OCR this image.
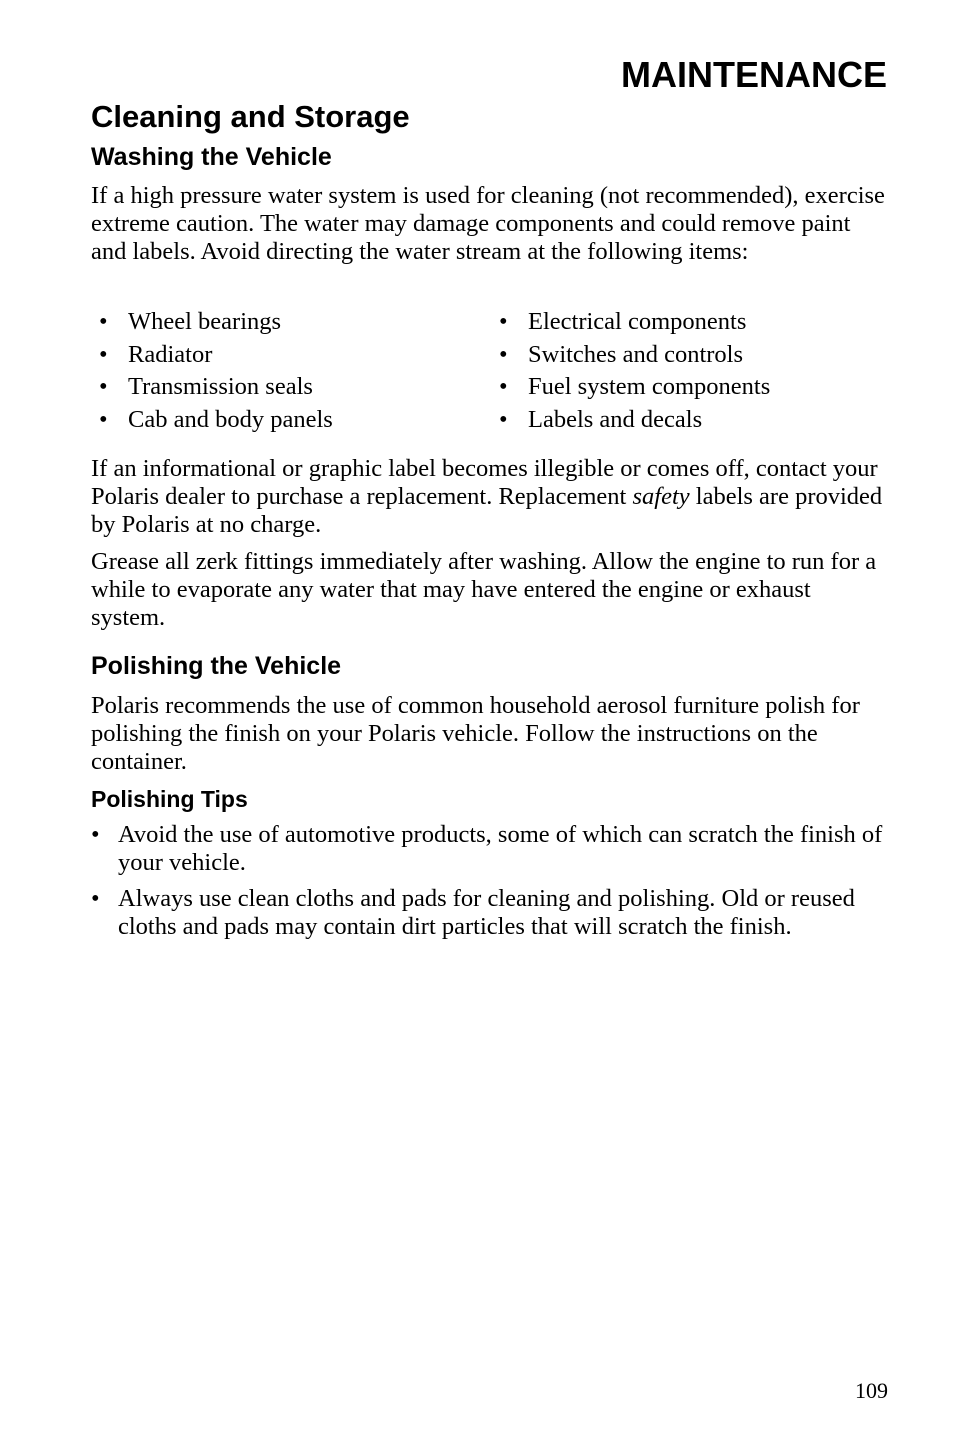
MAINTENANCE
Cleaning and Storage
Washing the Vehicle

If a high pressure water system is used for cleaning (not recommended), exercise extreme caution. The water may damage components and could remove paint and labels. Avoid directing the water stream at the following items:

• Wheel bearings	• Electrical components
• Radiator	• Switches and controls
• Transmission seals	• Fuel system components
• Cab and body panels	• Labels and decals

If an informational or graphic label becomes illegible or comes off, contact your Polaris dealer to purchase a replacement. Replacement safety labels are provided by Polaris at no charge.

Grease all zerk fittings immediately after washing. Allow the engine to run for a while to evaporate any water that may have entered the engine or exhaust system.

Polishing the Vehicle

Polaris recommends the use of common household aerosol furniture polish for polishing the finish on your Polaris vehicle. Follow the instructions on the container.

Polishing Tips
• Avoid the use of automotive products, some of which can scratch the finish of your vehicle.
• Always use clean cloths and pads for cleaning and polishing. Old or reused cloths and pads may contain dirt particles that will scratch the finish.
109
